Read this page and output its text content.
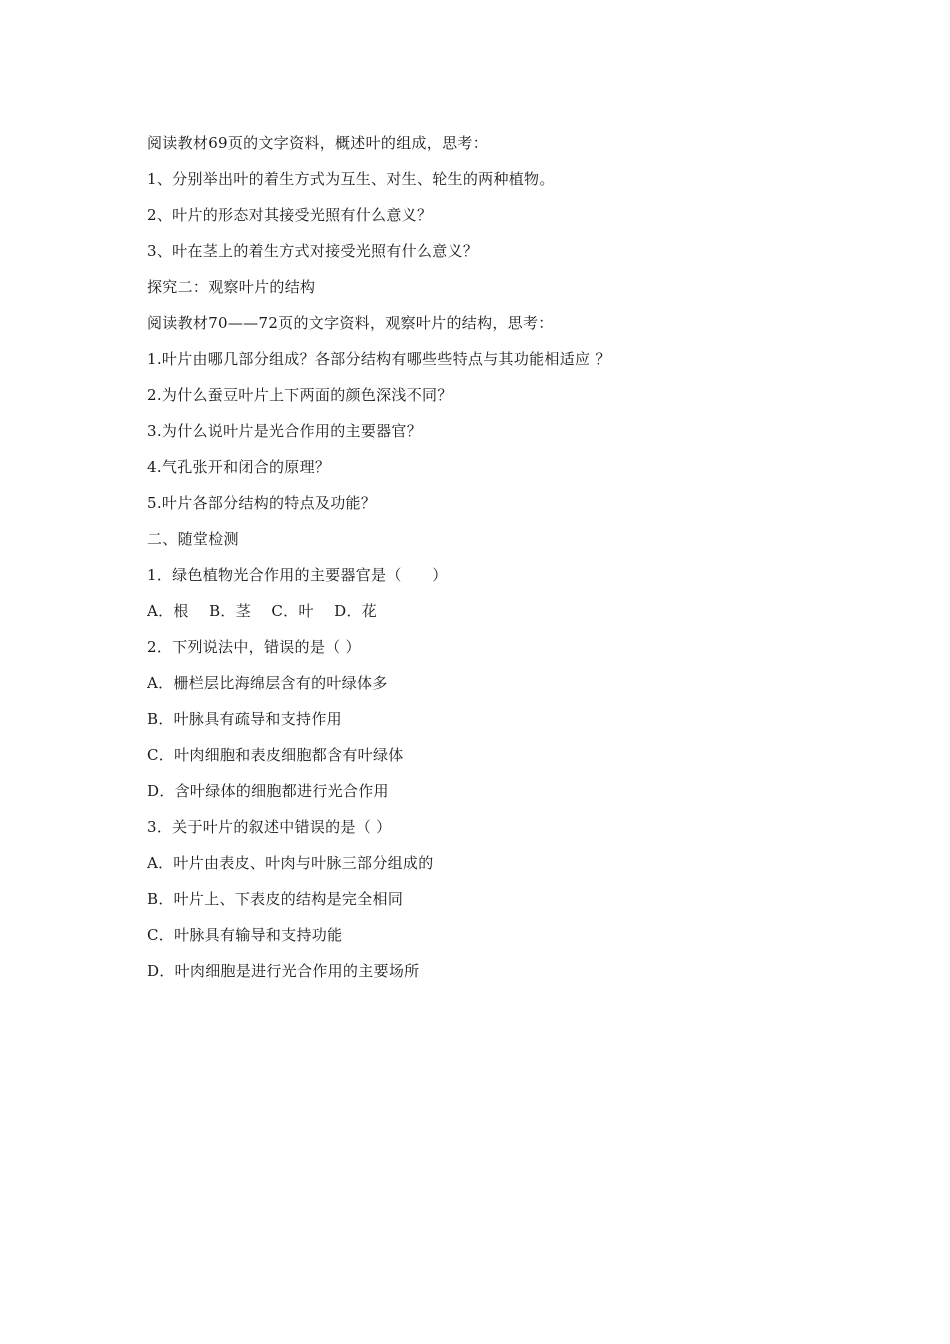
阅读教材69页的文字资料，概述叶的组成，思考：
1、分别举出叶的着生方式为互生、对生、轮生的两种植物。
2、叶片的形态对其接受光照有什么意义？
3、叶在茎上的着生方式对接受光照有什么意义？
探究二：观察叶片的结构
阅读教材70——72页的文字资料，观察叶片的结构，思考：
1.叶片由哪几部分组成？各部分结构有哪些些特点与其功能相适应 ？
2.为什么蚕豆叶片上下两面的颜色深浅不同？
3.为什么说叶片是光合作用的主要器官？
4.气孔张开和闭合的原理？
5.叶片各部分结构的特点及功能？
二、随堂检测
1．绿色植物光合作用的主要器官是（　　）
A．根　 B．茎　 C．叶　 D．花
2．下列说法中，错误的是（ ）
A．栅栏层比海绵层含有的叶绿体多
B．叶脉具有疏导和支持作用
C．叶肉细胞和表皮细胞都含有叶绿体
D．含叶绿体的细胞都进行光合作用
3．关于叶片的叙述中错误的是（ ）
A．叶片由表皮、叶肉与叶脉三部分组成的
B．叶片上、下表皮的结构是完全相同
C．叶脉具有输导和支持功能
D．叶肉细胞是进行光合作用的主要场所
